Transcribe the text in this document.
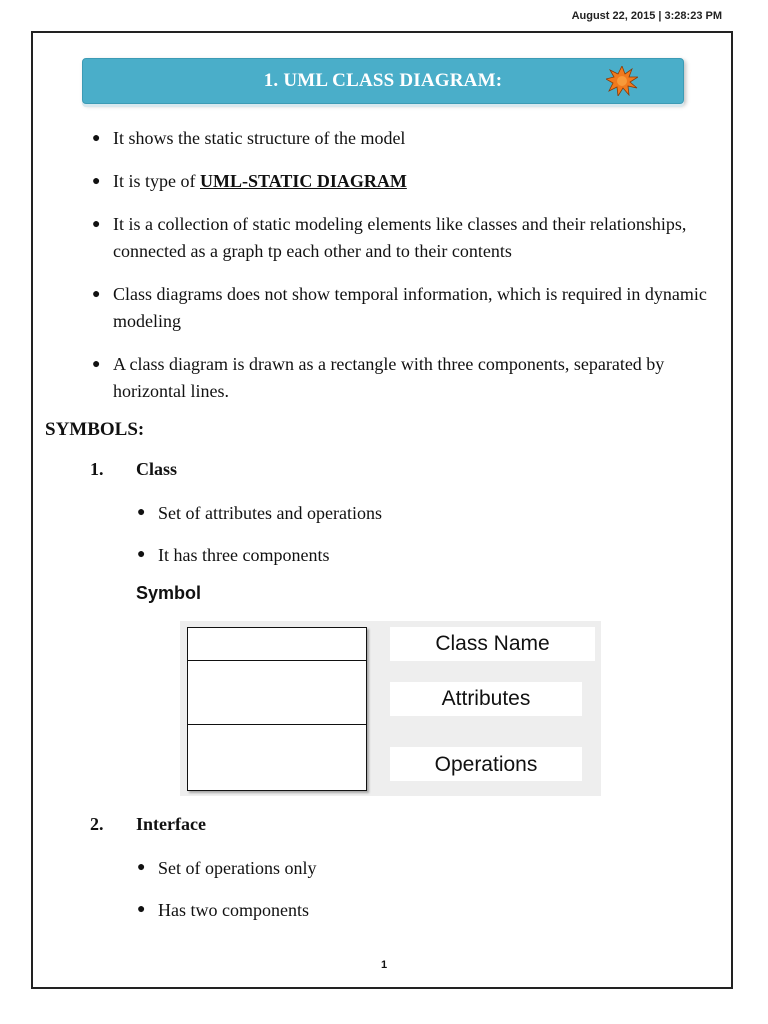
August 22, 2015 | 3:28:23 PM
1. UML CLASS DIAGRAM:
● It shows the static structure of the model
● It is type of UML-STATIC DIAGRAM
● It is a collection of static modeling elements like classes and their relationships, connected as a graph tp each other and to their contents
● Class diagrams does not show temporal information, which is required in dynamic modeling
● A class diagram is drawn as a rectangle with three components, separated by horizontal lines.
SYMBOLS:
1. Class
● Set of attributes and operations
● It has three components
Symbol
Class Name
Attributes
Operations
2. Interface
● Set of operations only
● Has two components
1
